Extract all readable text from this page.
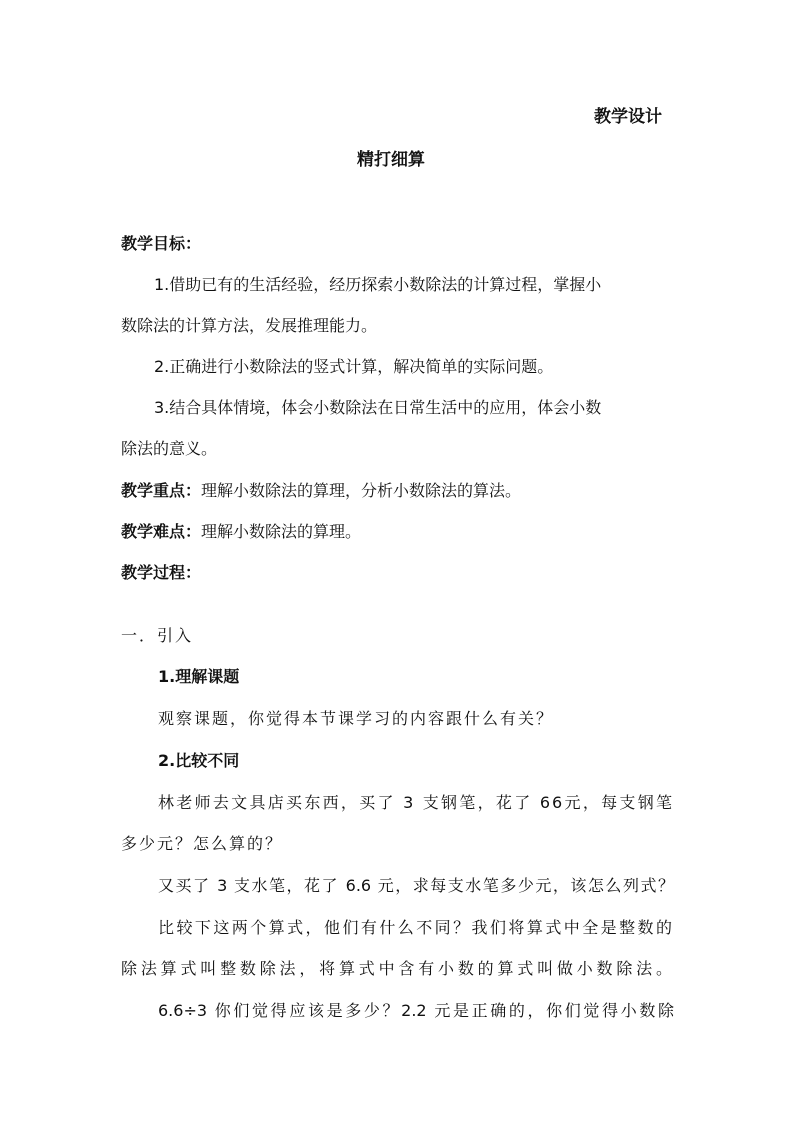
教学设计
精打细算
教学目标：
1.借助已有的生活经验，经历探索小数除法的计算过程，掌握小
数除法的计算方法，发展推理能力。
2.正确进行小数除法的竖式计算，解决简单的实际问题。
3.结合具体情境，体会小数除法在日常生活中的应用，体会小数
除法的意义。
教学重点：理解小数除法的算理，分析小数除法的算法。
教学难点：理解小数除法的算理。
教学过程：
一．引入
1.理解课题
观察课题，你觉得本节课学习的内容跟什么有关？
2.比较不同
林老师去文具店买东西，买了 3 支钢笔，花了 66元，每支钢笔
多少元？怎么算的？
又买了 3 支水笔，花了 6.6 元，求每支水笔多少元，该怎么列式？
比较下这两个算式，他们有什么不同？我们将算式中全是整数的
除法算式叫整数除法，将算式中含有小数的算式叫做小数除法。
6.6÷3 你们觉得应该是多少？2.2 元是正确的，你们觉得小数除
